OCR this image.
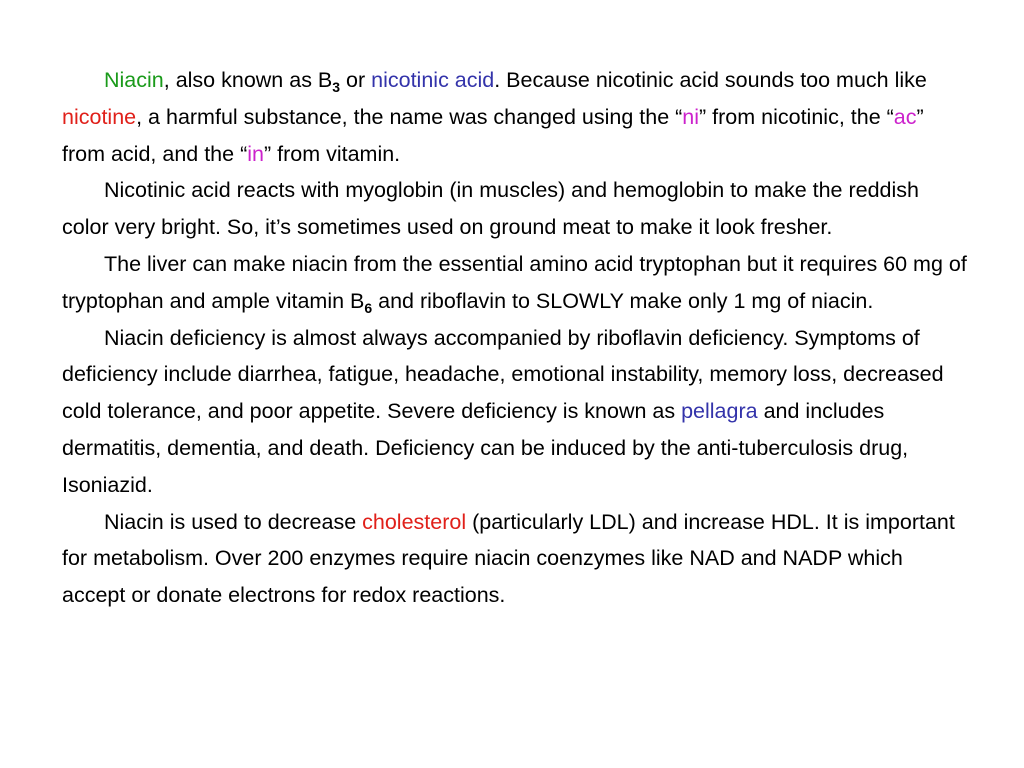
Niacin, also known as $B_3$ or nicotinic acid. Because nicotinic acid sounds too much like nicotine, a harmful substance, the name was changed using the “ni” from nicotinic, the “ac” from acid, and the “in” from vitamin.

Nicotinic acid reacts with myoglobin (in muscles) and hemoglobin to make the reddish color very bright. So, it’s sometimes used on ground meat to make it look fresher.

The liver can make niacin from the essential amino acid tryptophan but it requires 60 mg of tryptophan and ample vitamin $B_6$ and riboflavin to SLOWLY make only 1 mg of niacin.

Niacin deficiency is almost always accompanied by riboflavin deficiency. Symptoms of deficiency include diarrhea, fatigue, headache, emotional instability, memory loss, decreased cold tolerance, and poor appetite. Severe deficiency is known as pellagra and includes dermatitis, dementia, and death. Deficiency can be induced by the anti-tuberculosis drug, Isoniazid.

Niacin is used to decrease cholesterol (particularly LDL) and increase HDL. It is important for metabolism. Over 200 enzymes require niacin coenzymes like NAD and NADP which accept or donate electrons for redox reactions.
